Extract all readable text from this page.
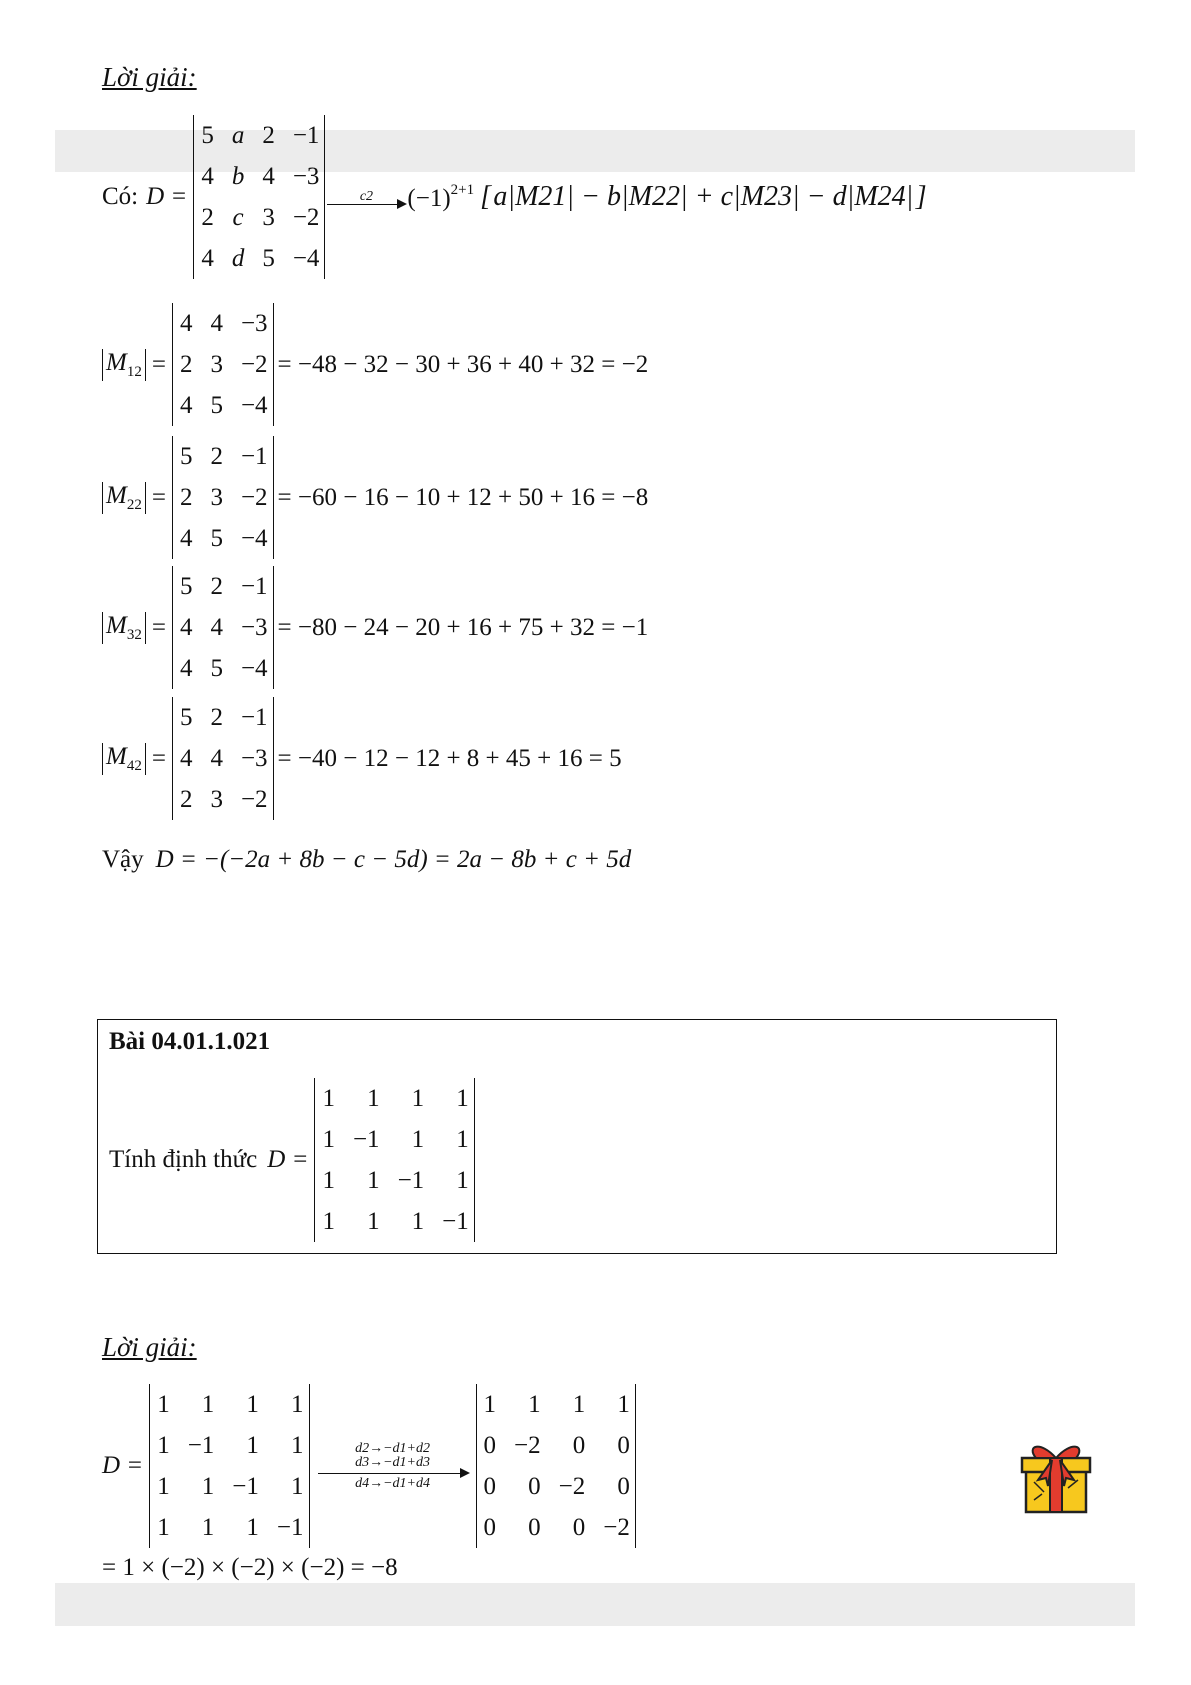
Lời giải:
Có: D =
5	a	2	−1
4	b	4	−3
2	c	3	−2
4	d	5	−4
c2 $(-1)^{2+1}$ [ a|M21| − b|M22| + c|M23| − d|M24| ]
$M_{12}$ =
4	4	−3
2	3	−2
4	5	−4
= −48 − 32 − 30 + 36 + 40 + 32 = −2
$M_{22}$ =
5	2	−1
2	3	−2
4	5	−4
= −60 − 16 − 10 + 12 + 50 + 16 = −8
$M_{32}$ =
5	2	−1
4	4	−3
4	5	−4
= −80 − 24 − 20 + 16 + 75 + 32 = −1
$M_{42}$ =
5	2	−1
4	4	−3
2	3	−2
= −40 − 12 − 12 + 8 + 45 + 16 = 5
Vậy D = −(−2a + 8b − c − 5d) = 2a − 8b + c + 5d
Bài 04.01.1.021
Tính định thức D =
1	1	1	1
1	−1	1	1
1	1	−1	1
1	1	1	−1
Lời giải:
D =
1	1	1	1
1	−1	1	1
1	1	−1	1
1	1	1	−1
d2→−d1+d2
d3→−d1+d3
d4→−d1+d4
1	1	1	1
0	−2	0	0
0	0	−2	0
0	0	0	−2
= 1 × (−2) × (−2) × (−2) = −8
